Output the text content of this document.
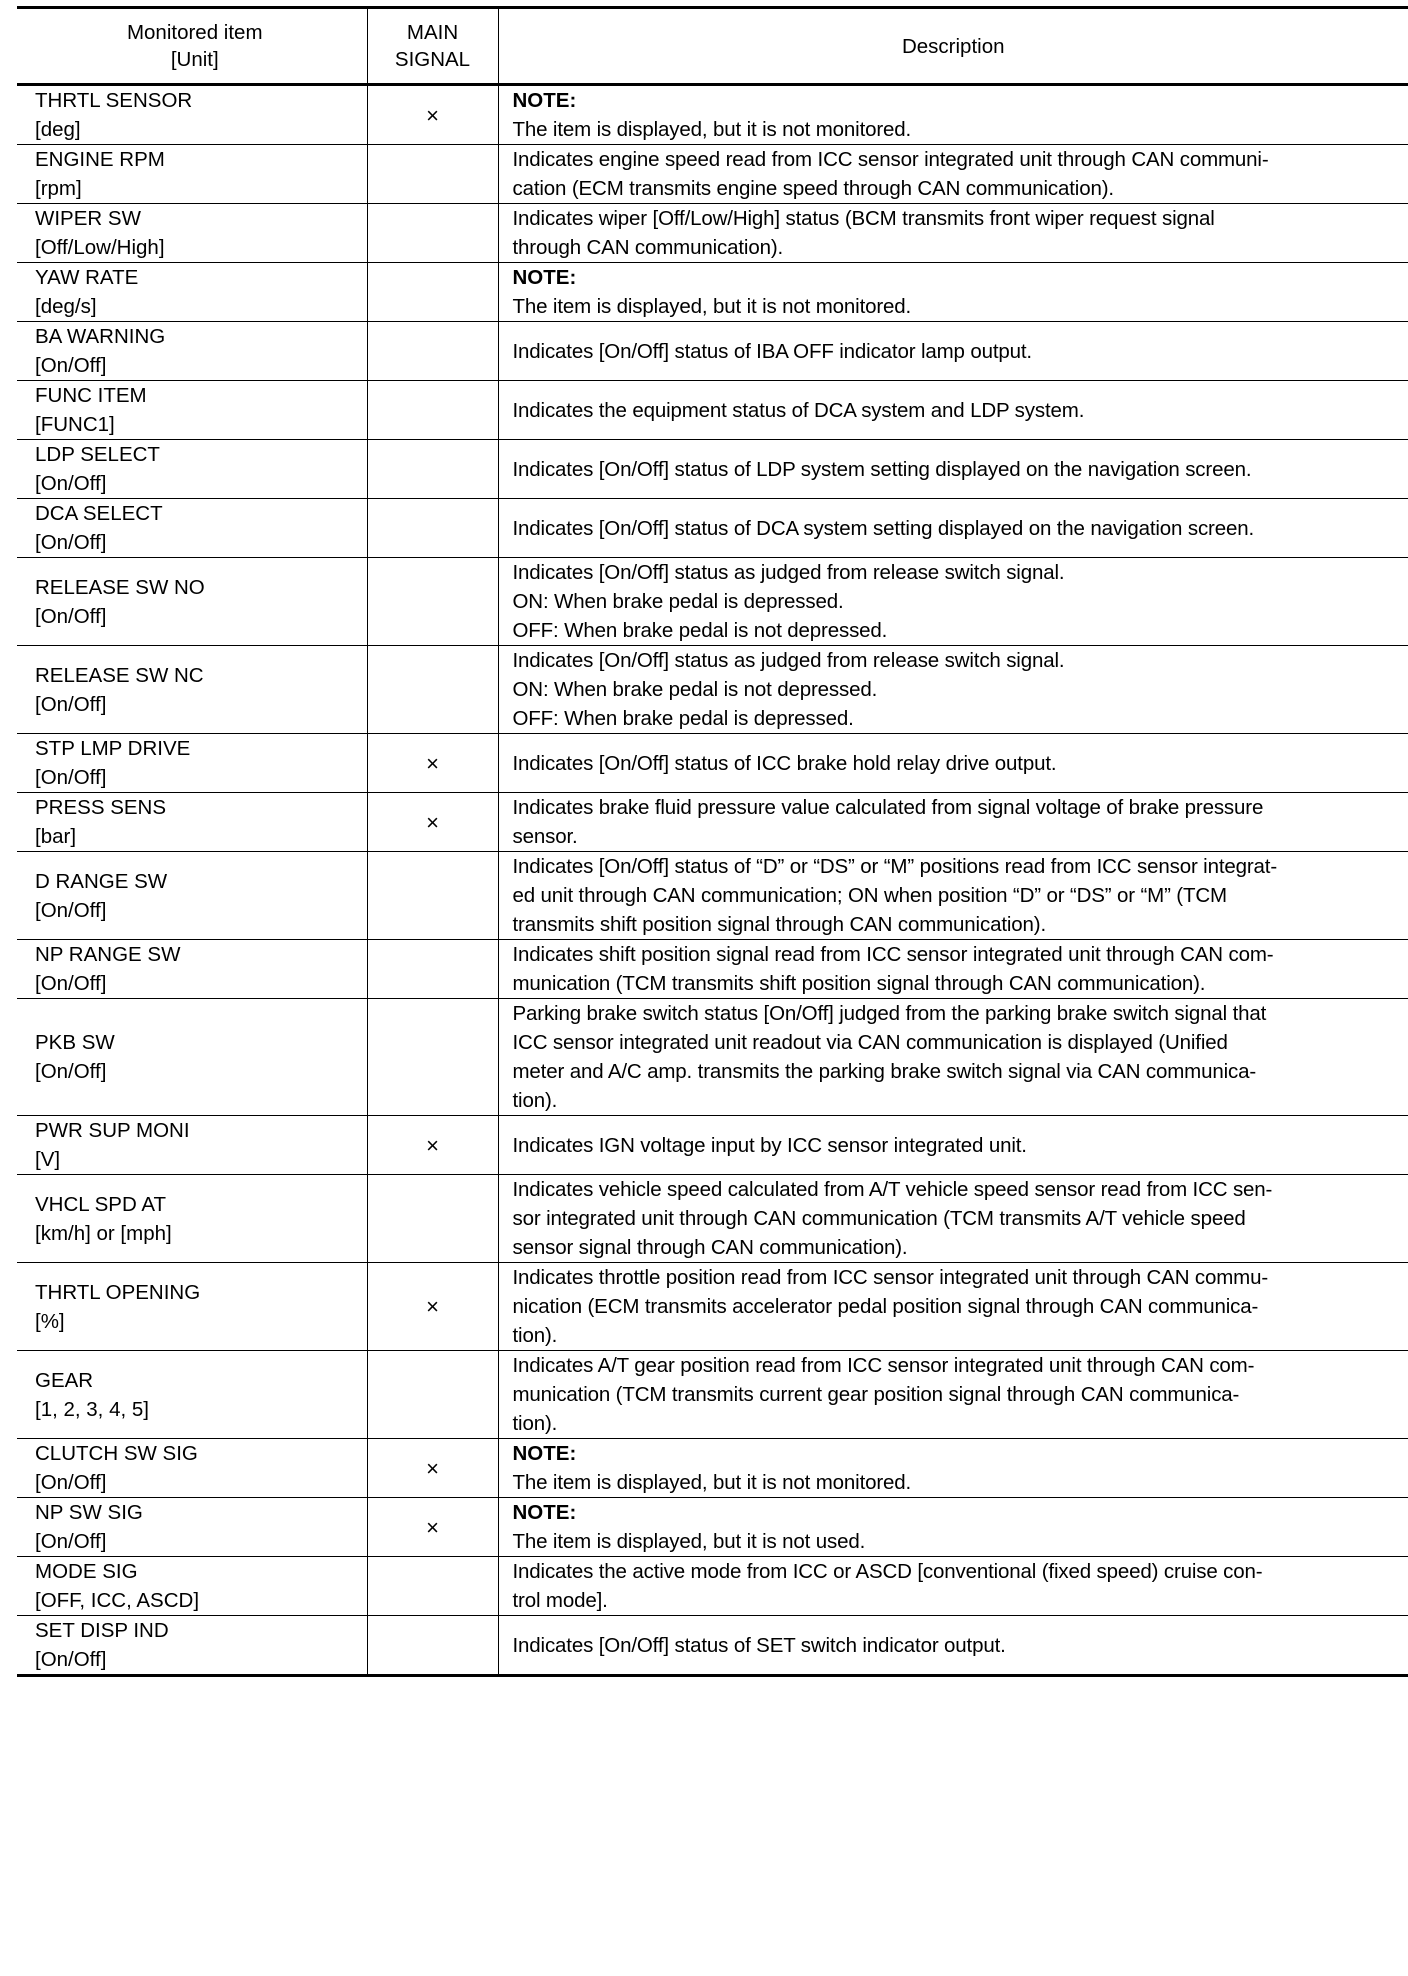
Monitored item
[Unit]	MAIN
SIGNAL	Description

THRTL SENSOR
[deg]	×	NOTE:
The item is displayed, but it is not monitored.

ENGINE RPM
[rpm]		Indicates engine speed read from ICC sensor integrated unit through CAN communi-
cation (ECM transmits engine speed through CAN communication).

WIPER SW
[Off/Low/High]		Indicates wiper [Off/Low/High] status (BCM transmits front wiper request signal
through CAN communication).

YAW RATE
[deg/s]		NOTE:
The item is displayed, but it is not monitored.

BA WARNING
[On/Off]		Indicates [On/Off] status of IBA OFF indicator lamp output.

FUNC ITEM
[FUNC1]		Indicates the equipment status of DCA system and LDP system.

LDP SELECT
[On/Off]		Indicates [On/Off] status of LDP system setting displayed on the navigation screen.

DCA SELECT
[On/Off]		Indicates [On/Off] status of DCA system setting displayed on the navigation screen.

RELEASE SW NO
[On/Off]		Indicates [On/Off] status as judged from release switch signal.
ON: When brake pedal is depressed.
OFF: When brake pedal is not depressed.

RELEASE SW NC
[On/Off]		Indicates [On/Off] status as judged from release switch signal.
ON: When brake pedal is not depressed.
OFF: When brake pedal is depressed.

STP LMP DRIVE
[On/Off]	×	Indicates [On/Off] status of ICC brake hold relay drive output.

PRESS SENS
[bar]	×	Indicates brake fluid pressure value calculated from signal voltage of brake pressure
sensor.

D RANGE SW
[On/Off]		Indicates [On/Off] status of “D” or “DS” or “M” positions read from ICC sensor integrat-
ed unit through CAN communication; ON when position “D” or “DS” or “M” (TCM
transmits shift position signal through CAN communication).

NP RANGE SW
[On/Off]		Indicates shift position signal read from ICC sensor integrated unit through CAN com-
munication (TCM transmits shift position signal through CAN communication).

PKB SW
[On/Off]		Parking brake switch status [On/Off] judged from the parking brake switch signal that
ICC sensor integrated unit readout via CAN communication is displayed (Unified
meter and A/C amp. transmits the parking brake switch signal via CAN communica-
tion).

PWR SUP MONI
[V]	×	Indicates IGN voltage input by ICC sensor integrated unit.

VHCL SPD AT
[km/h] or [mph]		Indicates vehicle speed calculated from A/T vehicle speed sensor read from ICC sen-
sor integrated unit through CAN communication (TCM transmits A/T vehicle speed
sensor signal through CAN communication).

THRTL OPENING
[%]	×	Indicates throttle position read from ICC sensor integrated unit through CAN commu-
nication (ECM transmits accelerator pedal position signal through CAN communica-
tion).

GEAR
[1, 2, 3, 4, 5]		Indicates A/T gear position read from ICC sensor integrated unit through CAN com-
munication (TCM transmits current gear position signal through CAN communica-
tion).

CLUTCH SW SIG
[On/Off]	×	NOTE:
The item is displayed, but it is not monitored.

NP SW SIG
[On/Off]	×	NOTE:
The item is displayed, but it is not used.

MODE SIG
[OFF, ICC, ASCD]		Indicates the active mode from ICC or ASCD [conventional (fixed speed) cruise con-
trol mode].

SET DISP IND
[On/Off]		Indicates [On/Off] status of SET switch indicator output.
